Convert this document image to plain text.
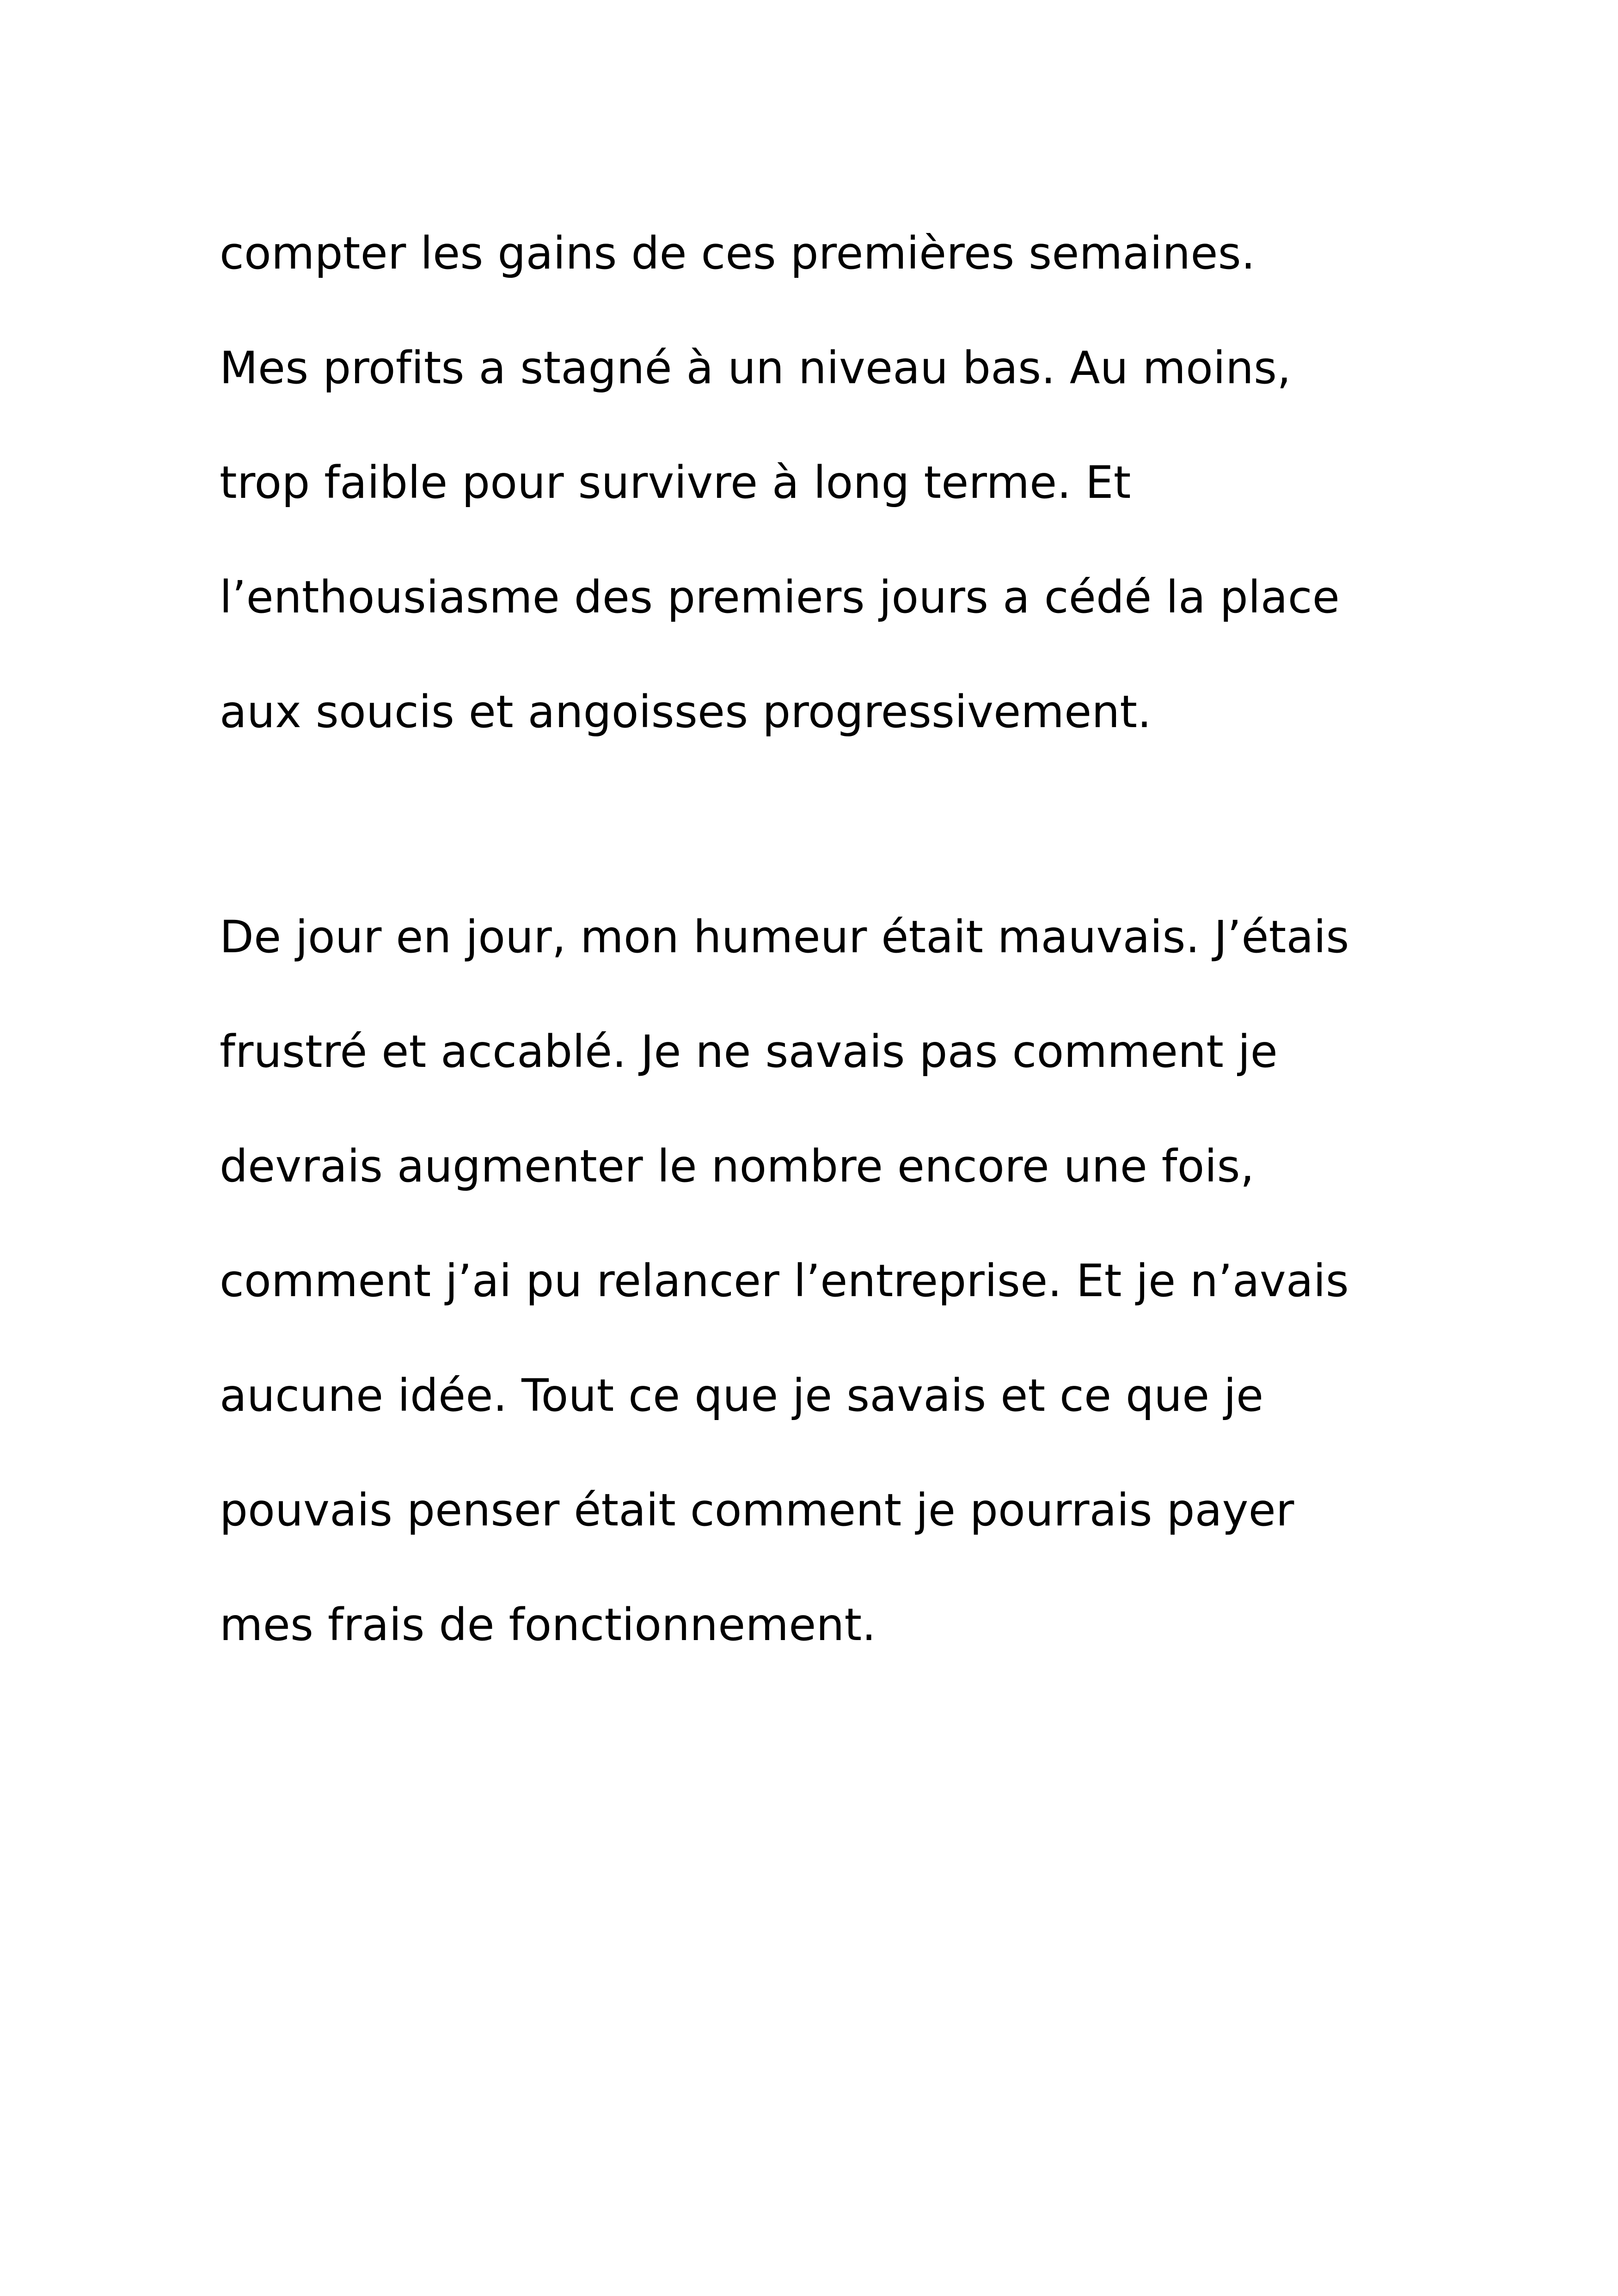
compter les gains de ces premières semaines.
Mes profits a stagné à un niveau bas. Au moins,
trop faible pour survivre à long terme. Et
l’enthousiasme des premiers jours a cédé la place
aux soucis et angoisses progressivement.
De jour en jour, mon humeur était mauvais. J’étais
frustré et accablé. Je ne savais pas comment je
devrais augmenter le nombre encore une fois,
comment j’ai pu relancer l’entreprise. Et je n’avais
aucune idée. Tout ce que je savais et ce que je
pouvais penser était comment je pourrais payer
mes frais de fonctionnement.
